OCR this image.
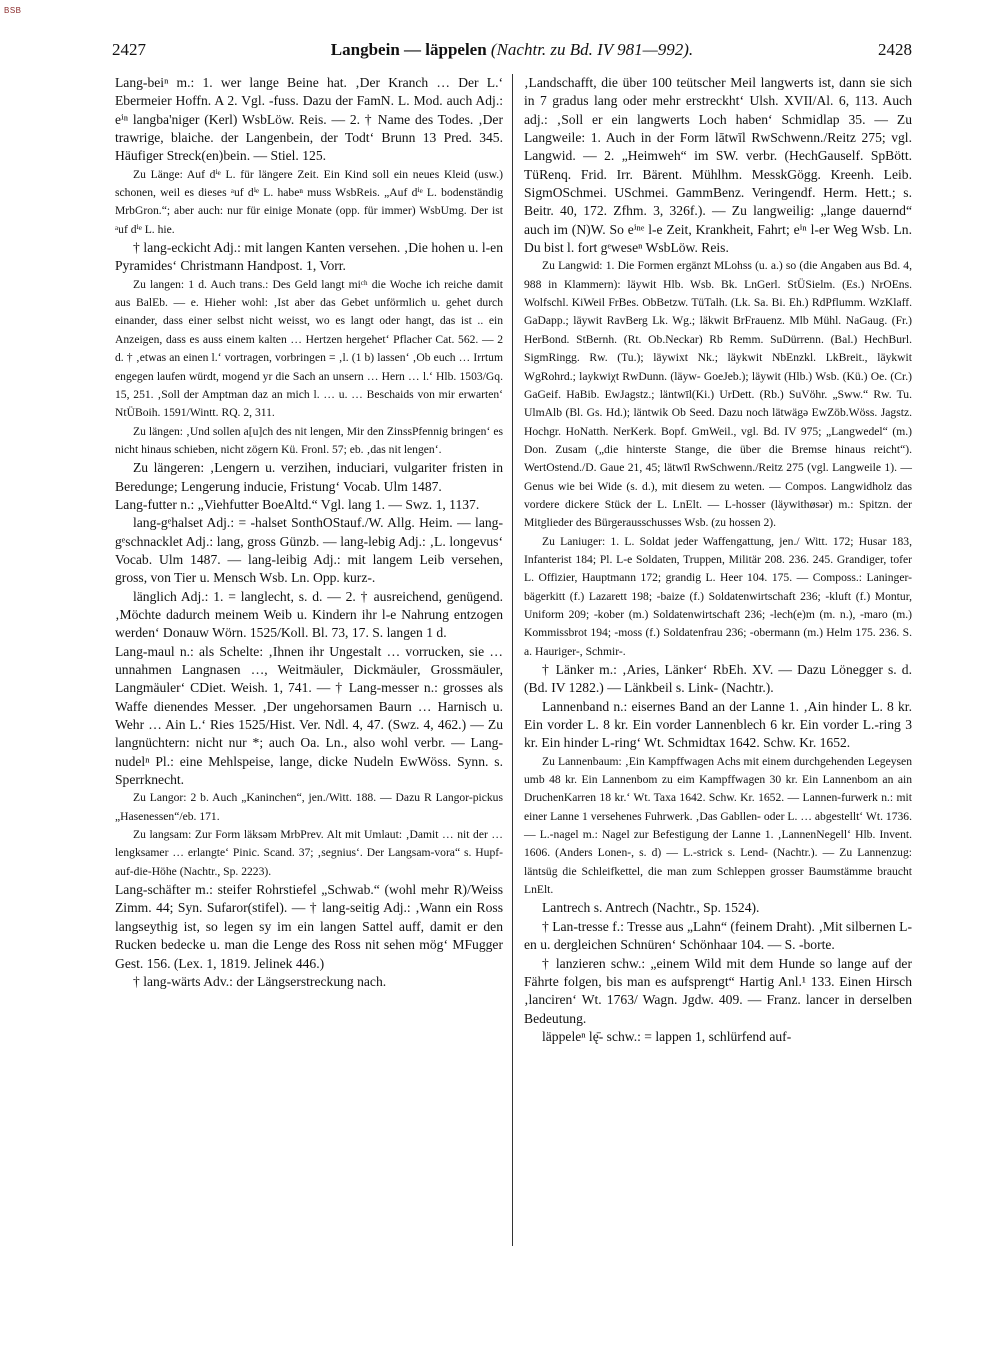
BSB
2427	Langbein — läppelen (Nachtr. zu Bd. IV 981—992).	2428

Lang-beiⁿ m.: 1. wer lange Beine hat. ‚Der Kranch … Der L.‘ Ebermeier Hoffn. A 2. Vgl. -fuss. Dazu der FamN. L. Mod. auch Adj.: eⁱⁿ langba'niger (Kerl) WsbLöw. Reis. — 2. † Name des Todes. ‚Der trawrige, blaiche. der Langenbein, der Todt‘ Brunn 13 Pred. 345. Häufiger Streck(en)bein. — Stiel. 125.

Zu Länge: Auf dⁱᵉ L. für längere Zeit. Ein Kind soll ein neues Kleid (usw.) schonen, weil es dieses ᵃuf dⁱᵉ L. habeⁿ muss WsbReis. „Auf dⁱᵉ L. bodenständig MrbGron.“; aber auch: nur für einige Monate (opp. für immer) WsbUmg. Der ist ᵃuf dⁱᵉ L. hie.

† lang-eckicht Adj.: mit langen Kanten versehen. ‚Die hohen u. l-en Pyramides‘ Christmann Handpost. 1, Vorr.

Zu langen: 1 d. Auch trans.: Des Geld langt miᶜʰ die Woche ich reiche damit aus BalEb. — e. Hieher wohl: ‚Ist aber das Gebet unförmlich u. gehet durch einander, dass einer selbst nicht weisst, wo es langt oder hangt, das ist .. ein Anzeigen, dass es auss einem kalten … Hertzen hergehet‘ Pflacher Cat. 562. — 2 d. † ‚etwas an einen l.‘ vortragen, vorbringen = ‚l. (1 b) lassen‘ ‚Ob euch … Irrtum engegen laufen würdt, mogend yr die Sach an unsern … Hern … l.‘ Hlb. 1503/Gq. 15, 251. ‚Soll der Amptman daz an mich l. … u. … Beschaids von mir erwarten‘ NtÜBoih. 1591/Wintt. RQ. 2, 311.

Zu längen: ‚Und sollen a[u]ch des nit lengen, Mir den ZinssPfennig bringen‘ es nicht hinaus schieben, nicht zögern Kü. Fronl. 57; eb. ‚das nit lengen‘.

Zu längeren: ‚Lengern u. verzihen, induciari, vulgariter fristen in Beredunge; Lengerung inducie, Fristung‘ Vocab. Ulm 1487.

Lang-futter n.: „Viehfutter BoeAltd.“ Vgl. lang 1. — Swz. 1, 1137.

lang-gᵉhalset Adj.: = -halset SonthOStauf./W. Allg. Heim. — lang-gᵉschnacklet Adj.: lang, gross Günzb. — lang-lebig Adj.: ‚L. longevus‘ Vocab. Ulm 1487. — lang-leibig Adj.: mit langem Leib versehen, gross, von Tier u. Mensch Wsb. Ln. Opp. kurz-.

länglich Adj.: 1. = langlecht, s. d. — 2. † ausreichend, genügend. ‚Möchte dadurch meinem Weib u. Kindern ihr l-e Nahrung entzogen werden‘ Donauw Wörn. 1525/Koll. Bl. 73, 17. S. langen 1 d.

Lang-maul n.: als Schelte: ‚Ihnen ihr Ungestalt … vorrucken, sie … unnahmen Langnasen …, Weitmäuler, Dickmäuler, Grossmäuler, Langmäuler‘ CDiet. Weish. 1, 741. — † Lang-messer n.: grosses als Waffe dienendes Messer. ‚Der ungehorsamen Baurn … Harnisch u. Wehr … Ain L.‘ Ries 1525/Hist. Ver. Ndl. 4, 47. (Swz. 4, 462.) — Zu langnüchtern: nicht nur *; auch Oa. Ln., also wohl verbr. — Lang-nudelⁿ Pl.: eine Mehlspeise, lange, dicke Nudeln EwWöss. Synn. s. Sperrknecht.

Zu Langor: 2 b. Auch „Kaninchen“, jen./Witt. 188. — Dazu R Langor-pickus „Hasenessen“/eb. 171.

Zu langsam: Zur Form läksəm MrbPrev. Alt mit Umlaut: ‚Damit … nit der … lengksamer … erlangte‘ Pinic. Scand. 37; ‚segnius‘. Der Langsam-vora“ s. Hupf-auf-die-Höhe (Nachtr., Sp. 2223).

Lang-schäfter m.: steifer Rohrstiefel „Schwab.“ (wohl mehr R)/Weiss Zimm. 44; Syn. Sufaror(stifel). — † lang-seitig Adj.: ‚Wann ein Ross langseythig ist, so legen sy im ein langen Sattel auff, damit er den Rucken bedecke u. man die Lenge des Ross nit sehen mög‘ MFugger Gest. 156. (Lex. 1, 1819. Jelinek 446.)

† lang-wärts Adv.: der Längserstreckung nach.

‚Landschafft, die über 100 teütscher Meil langwerts ist, dann sie sich in 7 gradus lang oder mehr erstreckht‘ Ulsh. XVII/Al. 6, 113. Auch adj.: ‚Soll er ein langwerts Loch haben‘ Schmidlap 35. — Zu Langweile: 1. Auch in der Form lātwīl RwSchwenn./Reitz 275; vgl. Langwid. — 2. „Heimweh“ im SW. verbr. (HechGauself. SpBött. TüRenq. Frid. Irr. Bärent. Mühlhm. MesskGögg. Kreenh. Leib. SigmOSchmei. USchmei. GammBenz. Veringendf. Herm. Hett.; s. Beitr. 40, 172. Zfhm. 3, 326f.). — Zu langweilig: „lange dauernd“ auch im (N)W. So eⁱⁿᵉ l-e Zeit, Krankheit, Fahrt; eⁱⁿ l-er Weg Wsb. Ln. Du bist l. fort gᵉweseⁿ WsbLöw. Reis.

Zu Langwid: 1. Die Formen ergänzt MLohss (u. a.) so (die Angaben aus Bd. 4, 988 in Klammern): läywit Hlb. Wsb. Bk. LnGerl. StÜSielm. (Es.) NrOEns. Wolfschl. KiWeil FrBes. ObBetzw. TüTalh. (Lk. Sa. Bi. Eh.) RdPflumm. WzKlaff. GaDapp.; läywit RavBerg Lk. Wg.; läkwit BrFrauenz. Mlb Mühl. NaGaug. (Fr.) HerBond. StBernh. (Rt. Ob.Neckar) Rb Remm. SuDürrenn. (Bal.) HechBurl. SigmRingg. Rw. (Tu.); läywixt Nk.; läykwit NbEnzkl. LkBreit., läykwit WgRohrd.; laykwiχt RwDunn. (läyw- GoeJeb.); läywit (Hlb.) Wsb. (Kü.) Oe. (Cr.) GaGeif. HaBib. EwJagstz.; läntwīl(Ki.) UrDett. (Rb.) SuVöhr. „Sww.“ Rw. Tu. UlmAlb (Bl. Gs. Hd.); läntwik Ob Seed. Dazu noch lätwägə EwZöb.Wöss. Jagstz. Hochgr. HoNatth. NerKerk. Bopf. GmWeil., vgl. Bd. IV 975; „Langwedel“ (m.) Don. Zusam („die hinterste Stange, die über die Bremse hinaus reicht“). WertOstend./D. Gaue 21, 45; lätwīl RwSchwenn./Reitz 275 (vgl. Langweile 1). — Genus wie bei Wide (s. d.), mit diesem zu weten. — Compos. Langwidholz das vordere dickere Stück der L. LnElt. — L-hosser (läywithøsər) m.: Spitzn. der Mitglieder des Bürgerausschusses Wsb. (zu hossen 2).

Zu Laniuger: 1. L. Soldat jeder Waffengattung, jen./ Witt. 172; Husar 183, Infanterist 184; Pl. L-e Soldaten, Truppen, Militär 208. 236. 245. Grandiger, tofer L. Offizier, Hauptmann 172; grandig L. Heer 104. 175. — Composs.: Laninger-bägerkitt (f.) Lazarett 198; -baize (f.) Soldatenwirtschaft 236; -kluft (f.) Montur, Uniform 209; -kober (m.) Soldatenwirtschaft 236; -lech(e)m (m. n.), -maro (m.) Kommissbrot 194; -moss (f.) Soldatenfrau 236; -obermann (m.) Helm 175. 236. S. a. Hauriger-, Schmir-.

† Länker m.: ‚Aries, Länker‘ RbEh. XV. — Dazu Lönegger s. d. (Bd. IV 1282.) — Länkbeil s. Link- (Nachtr.).

Lannenband n.: eisernes Band an der Lanne 1. ‚Ain hinder L. 8 kr. Ein vorder L. 8 kr. Ein vorder Lannenblech 6 kr. Ein vorder L.-ring 3 kr. Ein hinder L-ring‘ Wt. Schmidtax 1642. Schw. Kr. 1652.

Zu Lannenbaum: ‚Ein Kampffwagen Achs mit einem durchgehenden Legeysen umb 48 kr. Ein Lannenbom zu eim Kampffwagen 30 kr. Ein Lannenbom an ain DruchenKarren 18 kr.‘ Wt. Taxa 1642. Schw. Kr. 1652. — Lannen-furwerk n.: mit einer Lanne 1 versehenes Fuhrwerk. ‚Das Gabllen- oder L. … abgestellt‘ Wt. 1736. — L.-nagel m.: Nagel zur Befestigung der Lanne 1. ‚LannenNegell‘ Hlb. Invent. 1606. (Anders Lonen-, s. d) — L.-strick s. Lend- (Nachtr.). — Zu Lannenzug: läntsüg die Schleifkettel, die man zum Schleppen grosser Baumstämme braucht LnElt.

Lantrech s. Antrech (Nachtr., Sp. 1524).

† Lan-tresse f.: Tresse aus „Lahn“ (feinem Draht). ‚Mit silbernen L-en u. dergleichen Schnüren‘ Schönhaar 104. — S. -borte.

† lanzieren schw.: „einem Wild mit dem Hunde so lange auf der Fährte folgen, bis man es aufsprengt“ Hartig Anl.¹ 133. Einen Hirsch ‚lanciren‘ Wt. 1763/ Wagn. Jgdw. 409. — Franz. lancer in derselben Bedeutung.

läppeleⁿ lę̄- schw.: = lappen 1, schlürfend auf-
